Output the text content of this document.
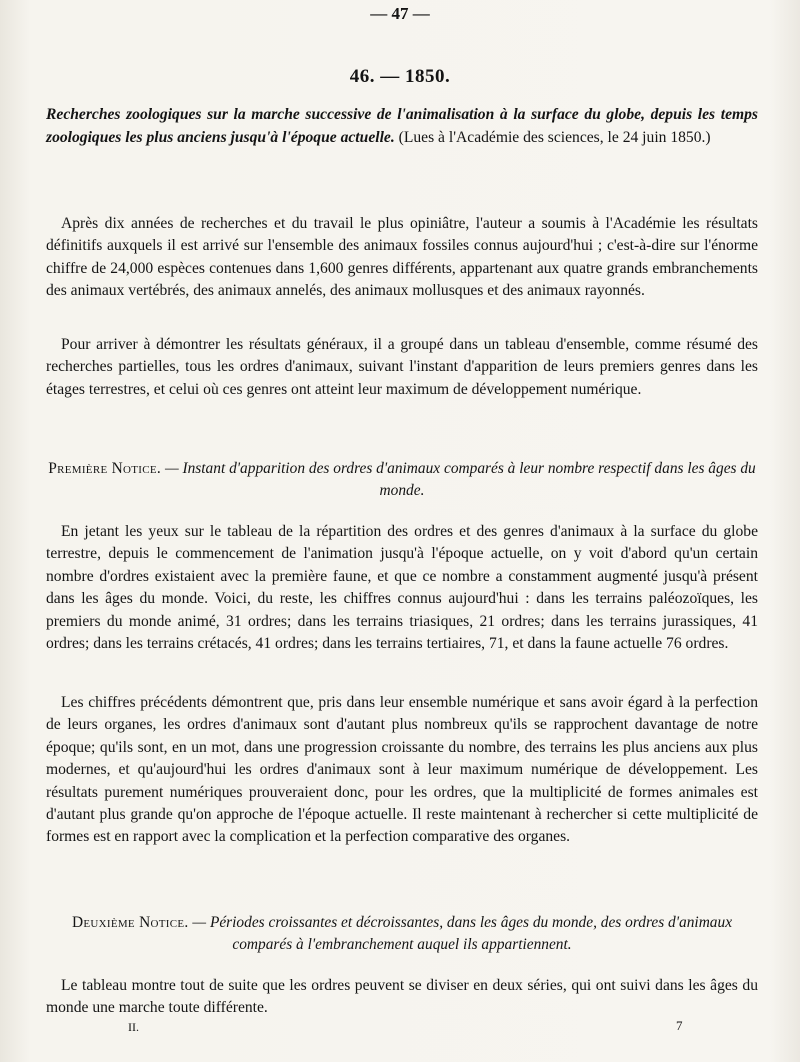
— 47 —
46. — 1850.

Recherches zoologiques sur la marche successive de l'animalisation à la surface du globe, depuis les temps zoologiques les plus anciens jusqu'à l'époque actuelle. (Lues à l'Académie des sciences, le 24 juin 1850.)

Après dix années de recherches et du travail le plus opiniâtre, l'auteur a soumis à l'Académie les résultats définitifs auxquels il est arrivé sur l'ensemble des animaux fossiles connus aujourd'hui ; c'est-à-dire sur l'énorme chiffre de 24,000 espèces contenues dans 1,600 genres différents, appartenant aux quatre grands embranchements des animaux vertébrés, des animaux annelés, des animaux mollusques et des animaux rayonnés.

Pour arriver à démontrer les résultats généraux, il a groupé dans un tableau d'ensemble, comme résumé des recherches partielles, tous les ordres d'animaux, suivant l'instant d'apparition de leurs premiers genres dans les étages terrestres, et celui où ces genres ont atteint leur maximum de développement numérique.

Première Notice. — Instant d'apparition des ordres d'animaux comparés à leur nombre respectif dans les âges du monde.

En jetant les yeux sur le tableau de la répartition des ordres et des genres d'animaux à la surface du globe terrestre, depuis le commencement de l'animation jusqu'à l'époque actuelle, on y voit d'abord qu'un certain nombre d'ordres existaient avec la première faune, et que ce nombre a constamment augmenté jusqu'à présent dans les âges du monde. Voici, du reste, les chiffres connus aujourd'hui : dans les terrains paléozoïques, les premiers du monde animé, 31 ordres; dans les terrains triasiques, 21 ordres; dans les terrains jurassiques, 41 ordres; dans les terrains crétacés, 41 ordres; dans les terrains tertiaires, 71, et dans la faune actuelle 76 ordres.

Les chiffres précédents démontrent que, pris dans leur ensemble numérique et sans avoir égard à la perfection de leurs organes, les ordres d'animaux sont d'autant plus nombreux qu'ils se rapprochent davantage de notre époque; qu'ils sont, en un mot, dans une progression croissante du nombre, des terrains les plus anciens aux plus modernes, et qu'aujourd'hui les ordres d'animaux sont à leur maximum numérique de développement. Les résultats purement numériques prouveraient donc, pour les ordres, que la multiplicité de formes animales est d'autant plus grande qu'on approche de l'époque actuelle. Il reste maintenant à rechercher si cette multiplicité de formes est en rapport avec la complication et la perfection comparative des organes.

Deuxième Notice. — Périodes croissantes et décroissantes, dans les âges du monde, des ordres d'animaux comparés à l'embranchement auquel ils appartiennent.

Le tableau montre tout de suite que les ordres peuvent se diviser en deux séries, qui ont suivi dans les âges du monde une marche toute différente.

II.	7
